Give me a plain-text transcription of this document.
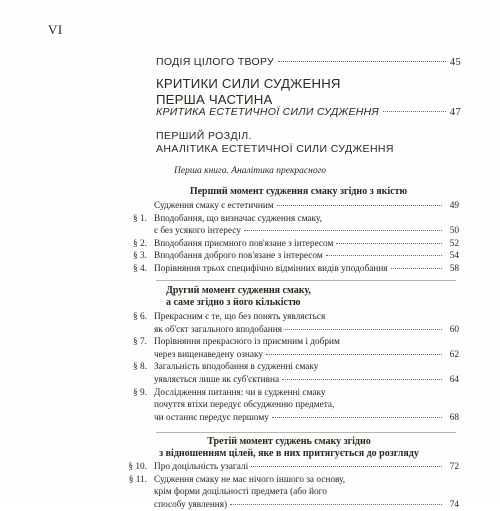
VI
ПОДІЯ ЦІЛОГО ТВОРУ	45
КРИТИКИ СИЛИ СУДЖЕННЯ
ПЕРША ЧАСТИНА
КРИТИКА ЕСТЕТИЧНОЇ СИЛИ СУДЖЕННЯ	47
ПЕРШИЙ РОЗДІЛ.
АНАЛІТИКА ЕСТЕТИЧНОЇ СИЛИ СУДЖЕННЯ
Перша книга. Аналітика прекрасного
Перший момент судження смаку згідно з якістю
Судження смаку є естетичним	49
§ 1. Вподобання, що визначає судження смаку,
є без усякого інтересу	50
§ 2. Вподобання приємного пов'язане з інтересом	52
§ 3. Вподобання доброго пов'язане з інтересом	54
§ 4. Порівняння трьох специфічно відмінних видів уподобання	58
Другий момент судження смаку,
а саме згідно з його кількістю
§ 6. Прекрасним є те, що без понять уявляється
як об'єкт загального вподобання	60
§ 7. Порівняння прекрасного із приємним і добрим
через вищенаведену ознаку	62
§ 8. Загальність вподобання в судженні смаку
уявляється лише як суб'єктивна	64
§ 9. Дослідження питання: чи в судженні смаку
почуття втіхи передує обсудженню предмета,
чи останнє передує першому	68
Третій момент суджень смаку згідно
з відношенням цілей, яке в них притягується до розгляду
§ 10. Про доцільність узагалі	72
§ 11. Судження смаку не має нічого іншого за основу,
крім форми доцільності предмета (або його
способу уявлення)	74
